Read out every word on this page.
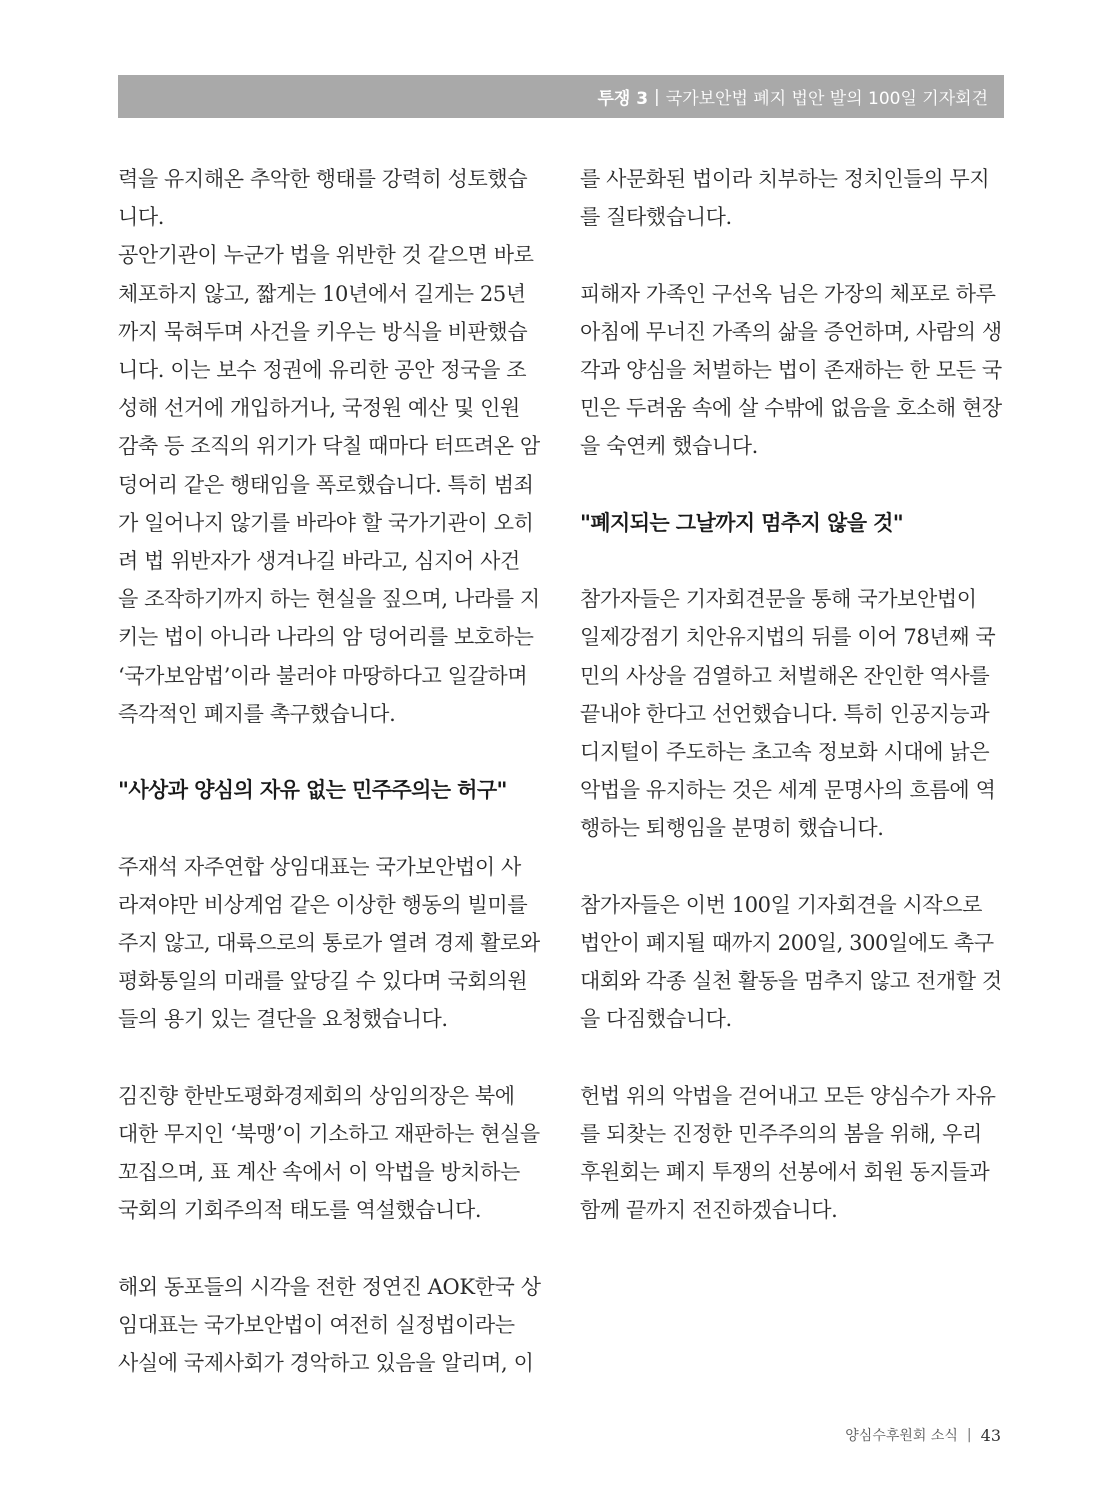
투쟁 3 | 국가보안법 폐지 법안 발의 100일 기자회견

력을 유지해온 추악한 행태를 강력히 성토했습

니다.

공안기관이 누군가 법을 위반한 것 같으면 바로

체포하지 않고, 짧게는 10년에서 길게는 25년

까지 묵혀두며 사건을 키우는 방식을 비판했습

니다. 이는 보수 정권에 유리한 공안 정국을 조

성해 선거에 개입하거나, 국정원 예산 및 인원

감축 등 조직의 위기가 닥칠 때마다 터뜨려온 암

덩어리 같은 행태임을 폭로했습니다. 특히 범죄

가 일어나지 않기를 바라야 할 국가기관이 오히

려 법 위반자가 생겨나길 바라고, 심지어 사건

을 조작하기까지 하는 현실을 짚으며, 나라를 지

키는 법이 아니라 나라의 암 덩어리를 보호하는

‘국가보암법’이라 불러야 마땅하다고 일갈하며

즉각적인 폐지를 촉구했습니다.

"사상과 양심의 자유 없는 민주주의는 허구"

주재석 자주연합 상임대표는 국가보안법이 사

라져야만 비상계엄 같은 이상한 행동의 빌미를

주지 않고, 대륙으로의 통로가 열려 경제 활로와

평화통일의 미래를 앞당길 수 있다며 국회의원

들의 용기 있는 결단을 요청했습니다.

김진향 한반도평화경제회의 상임의장은 북에

대한 무지인 ‘북맹’이 기소하고 재판하는 현실을

꼬집으며, 표 계산 속에서 이 악법을 방치하는

국회의 기회주의적 태도를 역설했습니다.

해외 동포들의 시각을 전한 정연진 AOK한국 상

임대표는 국가보안법이 여전히 실정법이라는

사실에 국제사회가 경악하고 있음을 알리며, 이

를 사문화된 법이라 치부하는 정치인들의 무지

를 질타했습니다.

피해자 가족인 구선옥 님은 가장의 체포로 하루

아침에 무너진 가족의 삶을 증언하며, 사람의 생

각과 양심을 처벌하는 법이 존재하는 한 모든 국

민은 두려움 속에 살 수밖에 없음을 호소해 현장

을 숙연케 했습니다.

"폐지되는 그날까지 멈추지 않을 것"

참가자들은 기자회견문을 통해 국가보안법이

일제강점기 치안유지법의 뒤를 이어 78년째 국

민의 사상을 검열하고 처벌해온 잔인한 역사를

끝내야 한다고 선언했습니다. 특히 인공지능과

디지털이 주도하는 초고속 정보화 시대에 낡은

악법을 유지하는 것은 세계 문명사의 흐름에 역

행하는 퇴행임을 분명히 했습니다.

참가자들은 이번 100일 기자회견을 시작으로

법안이 폐지될 때까지 200일, 300일에도 촉구

대회와 각종 실천 활동을 멈추지 않고 전개할 것

을 다짐했습니다.

헌법 위의 악법을 걷어내고 모든 양심수가 자유

를 되찾는 진정한 민주주의의 봄을 위해, 우리

후원회는 폐지 투쟁의 선봉에서 회원 동지들과

함께 끝까지 전진하겠습니다.

양심수후원회 소식 | 43
